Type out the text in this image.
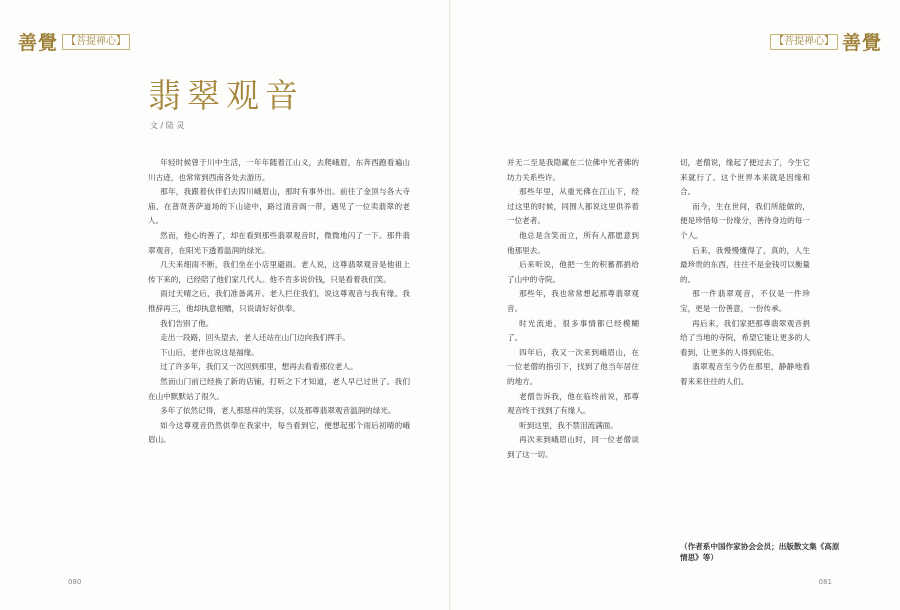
善覺 【菩提禅心】	【菩提禅心】 善覺
翡翠观音
文 / 陆 灵

年轻时候曾于川中生活，一年年随着江山义，去爬峨眉，东奔西跑看遍山川古迹，也常常到西南各处去游历。

那年，我跟着伙伴们去四川峨眉山，那时有事外出。前往了金顶与各大寺庙，在普贤菩萨道场的下山途中，路过清音阁一带，遇见了一位卖翡翠的老人。

然而，他心的善了，却在看到那些翡翠观音时，微微地闪了一下。那件翡翠观音，在阳光下透着温润的绿光。

几天来细雨不断，我们坐在小店里避雨。老人说，这尊翡翠观音是他祖上传下来的，已经陪了他们家几代人。他不肯多说价钱，只是看着我们笑。

雨过天晴之后，我们准备离开。老人拦住我们，说这尊观音与我有缘。我推辞再三，他却执意相赠，只说请好好供奉。

我们告别了他。

走出一段路，回头望去，老人还站在山门边向我们挥手。

下山后，老伴也说这是福缘。

过了许多年，我们又一次回到那里，想再去看看那位老人。

然而山门前已经换了新的店铺，打听之下才知道，老人早已过世了。我们在山中默默站了很久。

多年了依然记得，老人那慈祥的笑容，以及那尊翡翠观音温润的绿光。

如今这尊观音仍然供奉在我家中，每当看到它，便想起那个雨后初晴的峨眉山。

并无二至是我隐藏在二位佛中光者佛的坊力关系些许。

那些年里，从重光佛在江山下，经过这里的时候，同围人都说这里供养着一位老者。

他总是含笑而立，所有人都愿意到他那里去。

后来听说，他把一生的积蓄都捐给了山中的寺院。

那些年，我也常常想起那尊翡翠观音。

时光流逝，很多事情都已经模糊了。

四年后，我又一次来到峨眉山，在一位老僧的指引下，找到了他当年居住的地方。

老僧告诉我，他在临终前说，那尊观音终于找到了有缘人。

听到这里，我不禁泪流满面。

再次来到峨眉山时，同一位老僧谈到了这一切。

切，老僧说，缘起了便过去了，今生它来就行了。这个世界本来就是因缘和合。

而今，生在世间，我们所能做的，便是珍惜每一份缘分，善待身边的每一个人。

后来，我慢慢懂得了，真的，人生最珍贵的东西，往往不是金钱可以衡量的。

那一件翡翠观音，不仅是一件珍宝，更是一份善意，一份传承。

再后来，我们家把那尊翡翠观音捐给了当地的寺院，希望它能让更多的人看到，让更多的人得到庇佑。

翡翠观音至今仍在那里，静静地看着来来往往的人们。

（作者系中国作家协会会员；出版散文集《高原情思》等）
080	081
